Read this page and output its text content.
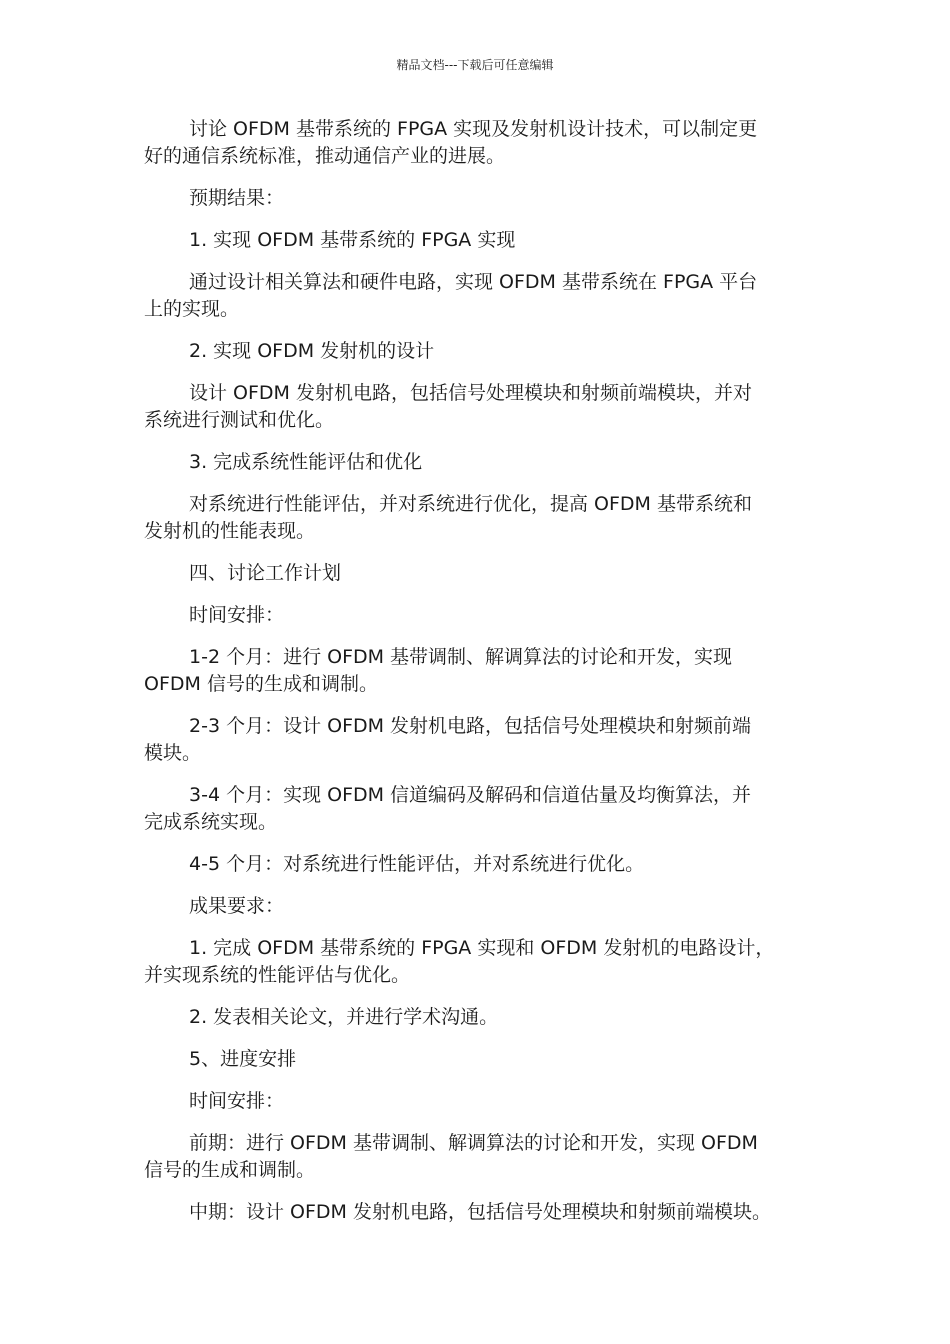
精品文档---下载后可任意编辑

讨论 OFDM 基带系统的 FPGA 实现及发射机设计技术，可以制定更
好的通信系统标准，推动通信产业的进展。

预期结果：

1. 实现 OFDM 基带系统的 FPGA 实现

通过设计相关算法和硬件电路，实现 OFDM 基带系统在 FPGA 平台
上的实现。

2. 实现 OFDM 发射机的设计

设计 OFDM 发射机电路，包括信号处理模块和射频前端模块，并对
系统进行测试和优化。

3. 完成系统性能评估和优化

对系统进行性能评估，并对系统进行优化，提高 OFDM 基带系统和
发射机的性能表现。

四、讨论工作计划

时间安排：

1-2 个月：进行 OFDM 基带调制、解调算法的讨论和开发，实现
OFDM 信号的生成和调制。

2-3 个月：设计 OFDM 发射机电路，包括信号处理模块和射频前端
模块。

3-4 个月：实现 OFDM 信道编码及解码和信道估量及均衡算法，并
完成系统实现。

4-5 个月：对系统进行性能评估，并对系统进行优化。

成果要求：

1. 完成 OFDM 基带系统的 FPGA 实现和 OFDM 发射机的电路设计，
并实现系统的性能评估与优化。

2. 发表相关论文，并进行学术沟通。

5、进度安排

时间安排：

前期：进行 OFDM 基带调制、解调算法的讨论和开发，实现 OFDM
信号的生成和调制。

中期：设计 OFDM 发射机电路，包括信号处理模块和射频前端模块。
